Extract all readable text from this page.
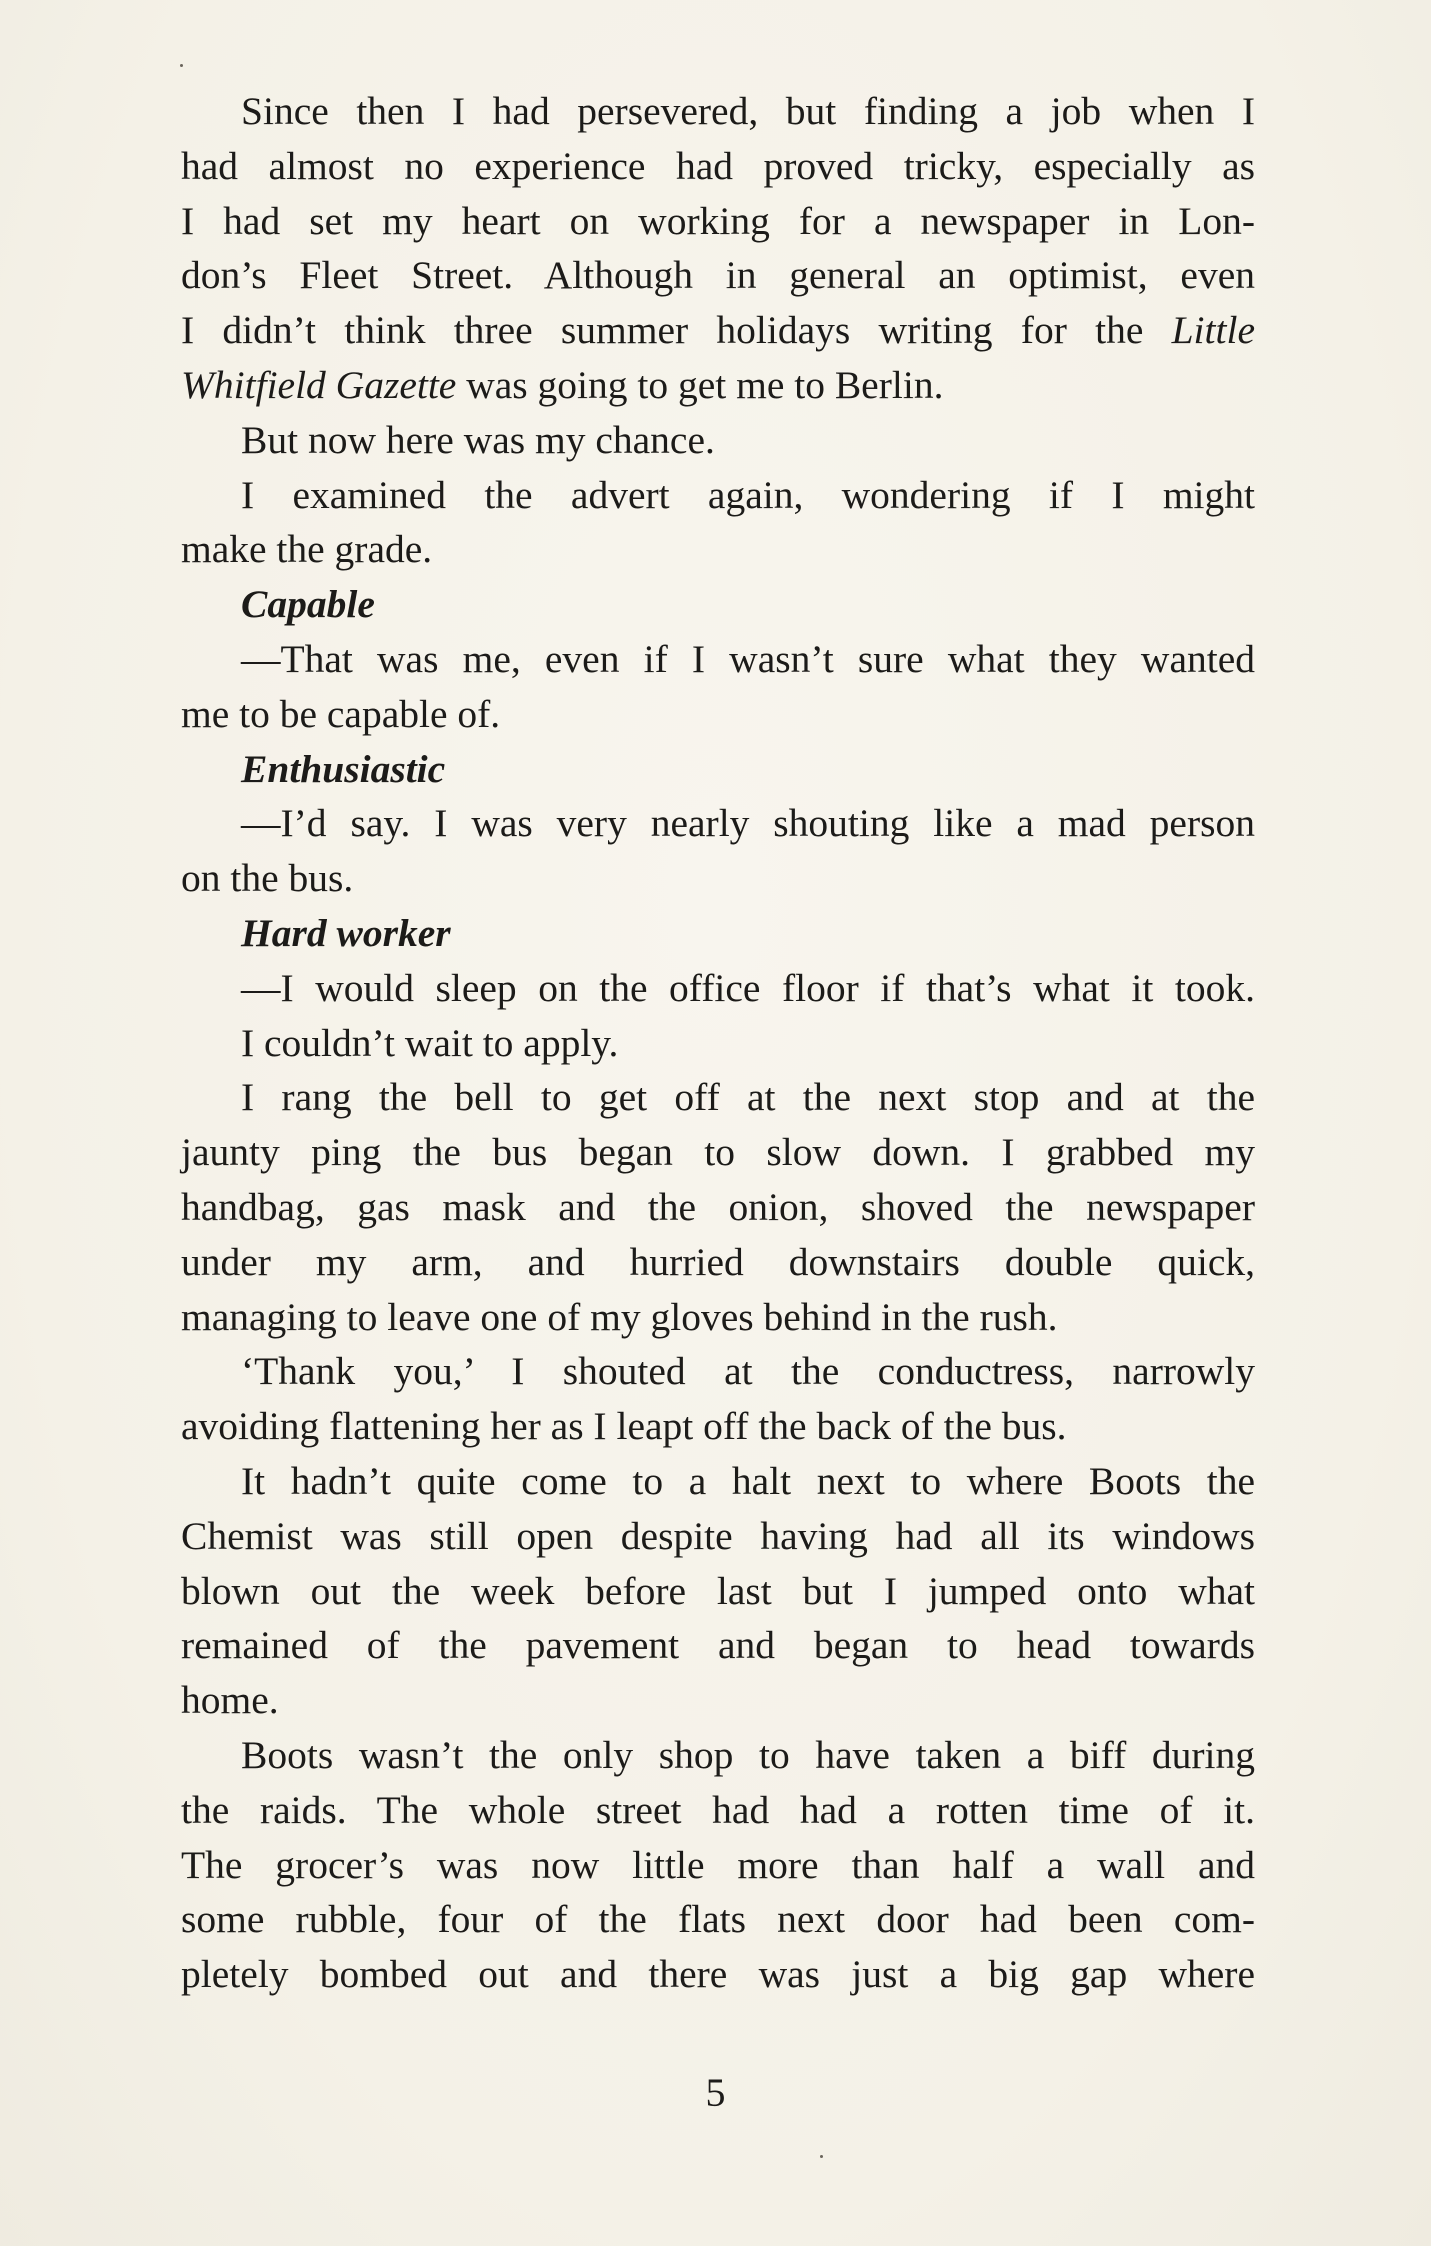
Since then I had persevered, but finding a job when I
had almost no experience had proved tricky, especially as
I had set my heart on working for a newspaper in Lon-
don’s Fleet Street. Although in general an optimist, even
I didn’t think three summer holidays writing for the Little
Whitfield Gazette was going to get me to Berlin.
But now here was my chance.
I examined the advert again, wondering if I might
make the grade.
Capable
—That was me, even if I wasn’t sure what they wanted
me to be capable of.
Enthusiastic
—I’d say. I was very nearly shouting like a mad person
on the bus.
Hard worker
—I would sleep on the office floor if that’s what it took.
I couldn’t wait to apply.
I rang the bell to get off at the next stop and at the
jaunty ping the bus began to slow down. I grabbed my
handbag, gas mask and the onion, shoved the newspaper
under my arm, and hurried downstairs double quick,
managing to leave one of my gloves behind in the rush.
‘Thank you,’ I shouted at the conductress, narrowly
avoiding flattening her as I leapt off the back of the bus.
It hadn’t quite come to a halt next to where Boots the
Chemist was still open despite having had all its windows
blown out the week before last but I jumped onto what
remained of the pavement and began to head towards
home.
Boots wasn’t the only shop to have taken a biff during
the raids. The whole street had had a rotten time of it.
The grocer’s was now little more than half a wall and
some rubble, four of the flats next door had been com-
pletely bombed out and there was just a big gap where
5
